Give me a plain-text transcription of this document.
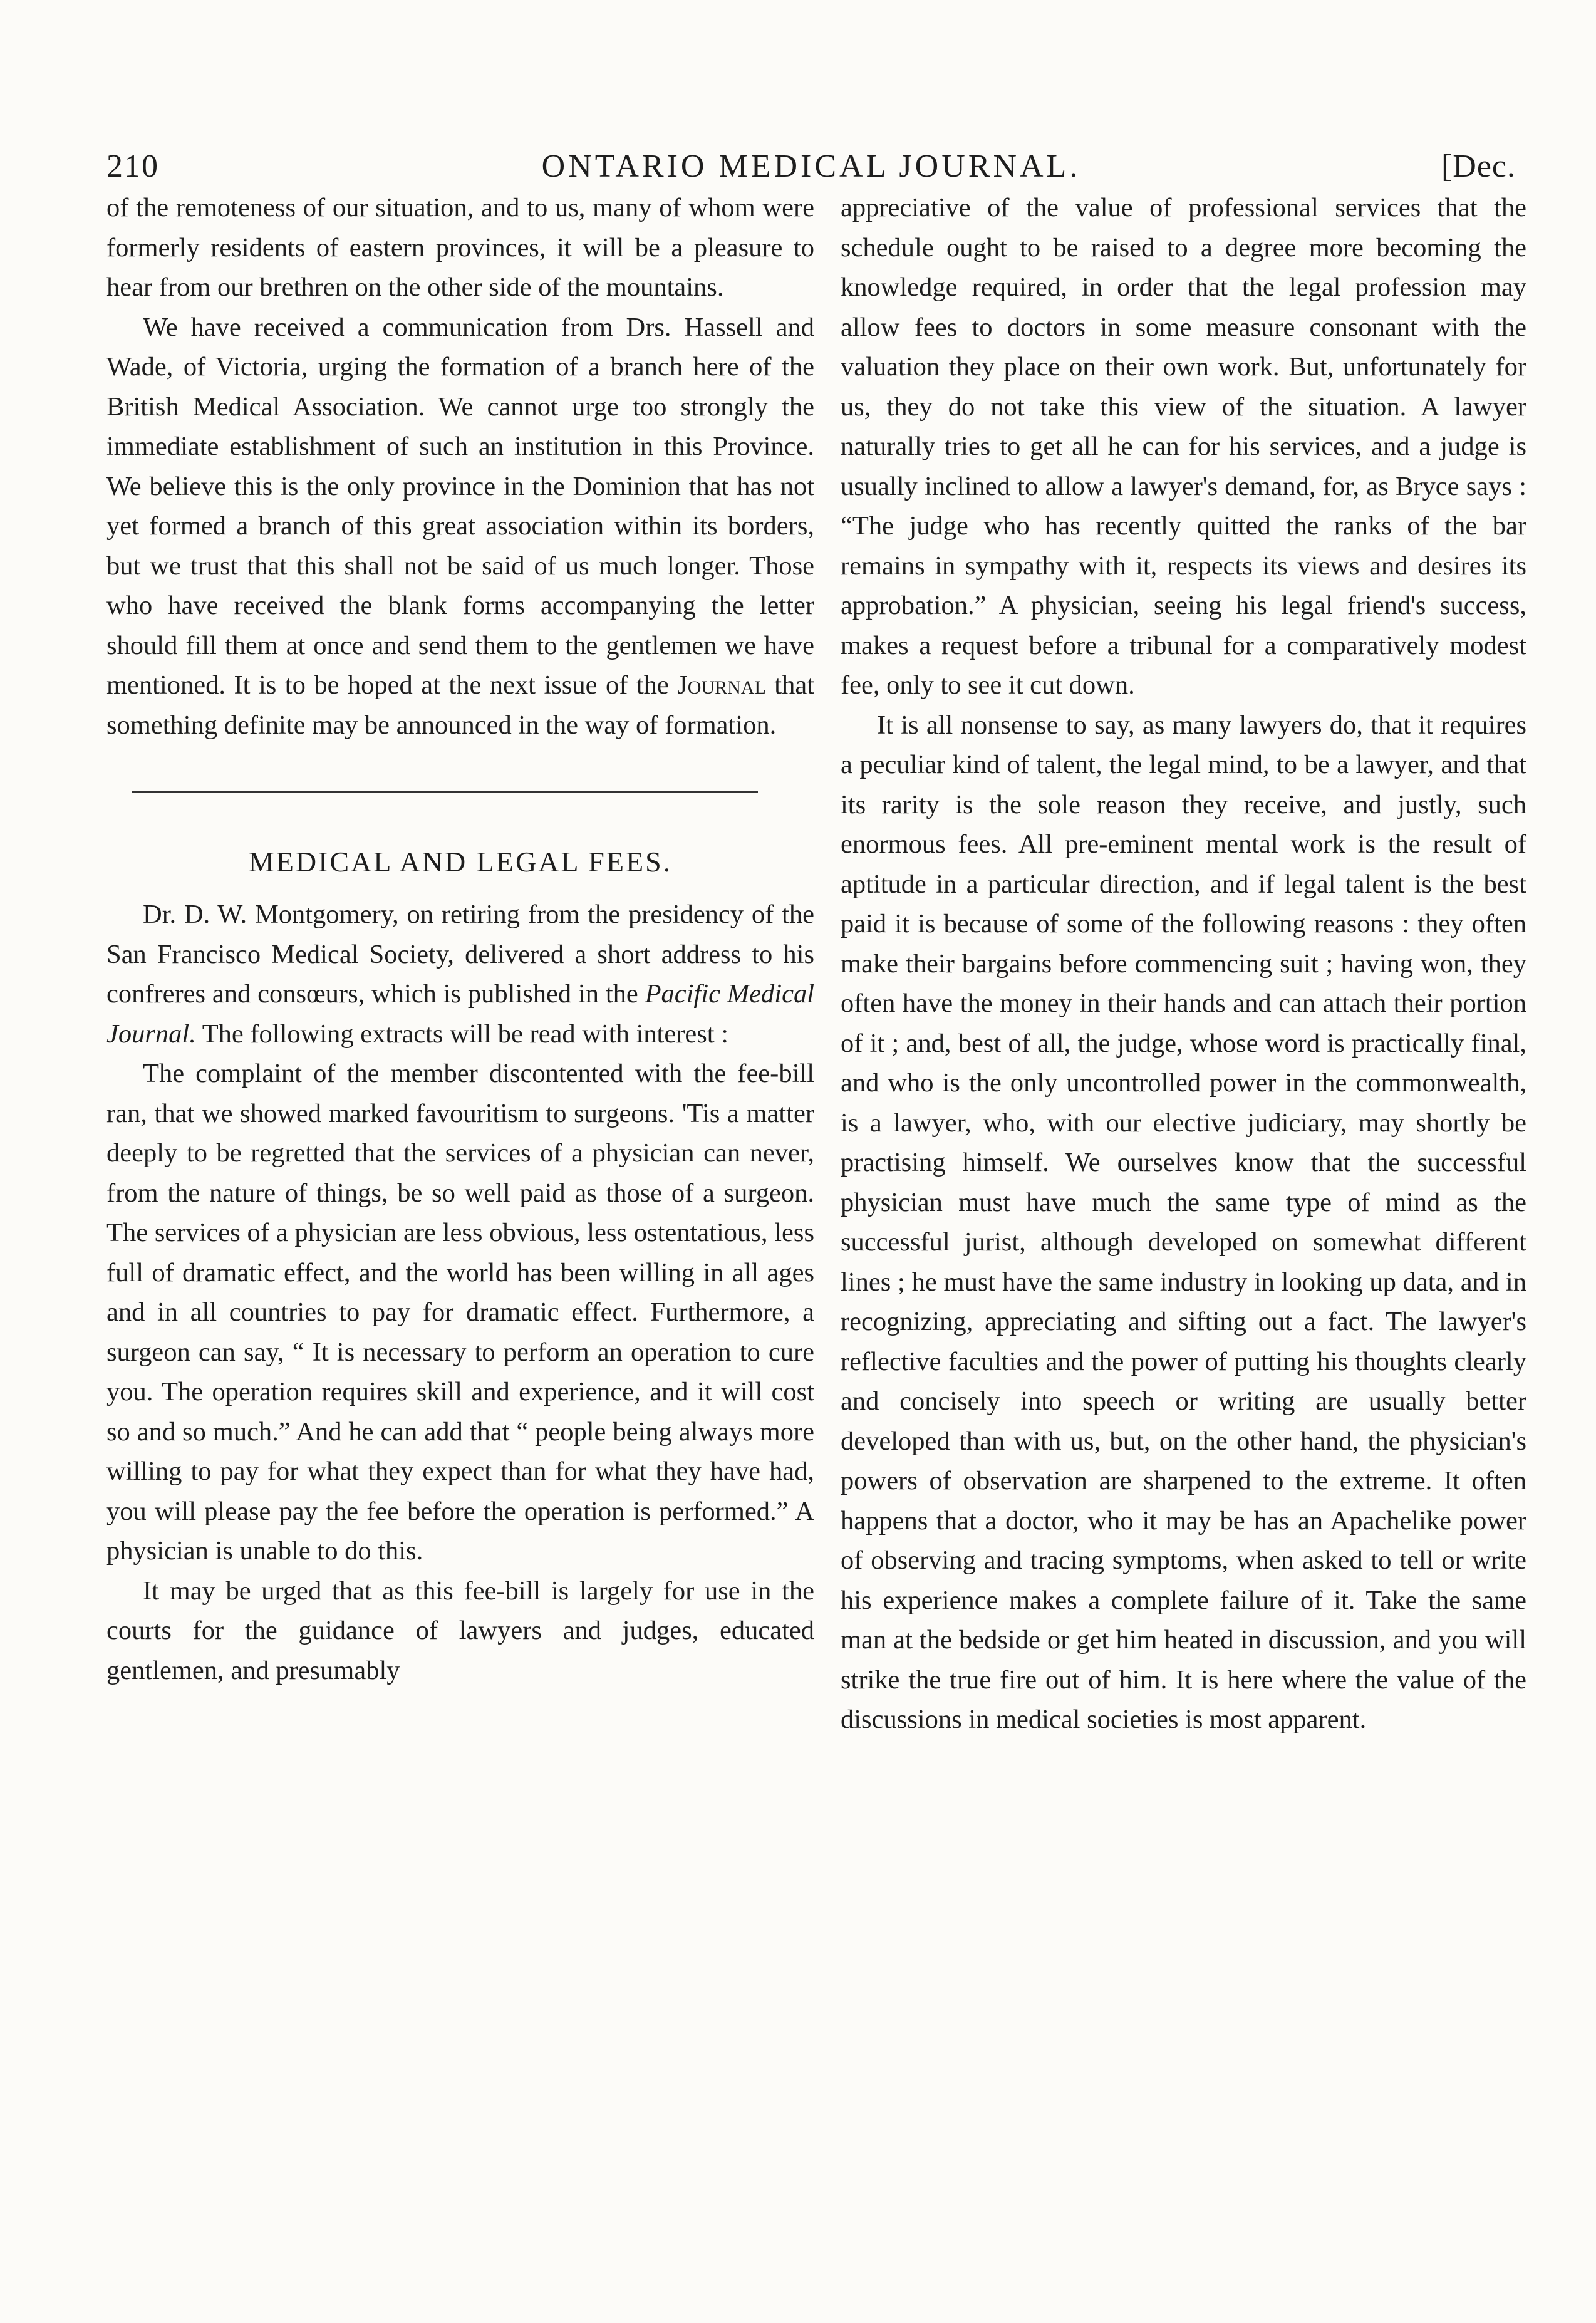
210	ONTARIO MEDICAL JOURNAL.	[Dec.

of the remoteness of our situation, and to us, many of whom were formerly residents of eastern provinces, it will be a pleasure to hear from our brethren on the other side of the mountains.

We have received a communication from Drs. Hassell and Wade, of Victoria, urging the formation of a branch here of the British Medical Association. We cannot urge too strongly the immediate establishment of such an institution in this Province. We believe this is the only province in the Dominion that has not yet formed a branch of this great association within its borders, but we trust that this shall not be said of us much longer. Those who have received the blank forms accompanying the letter should fill them at once and send them to the gentlemen we have mentioned. It is to be hoped at the next issue of the Journal that something definite may be announced in the way of formation.

MEDICAL AND LEGAL FEES.

Dr. D. W. Montgomery, on retiring from the presidency of the San Francisco Medical Society, delivered a short address to his confreres and consœurs, which is published in the Pacific Medical Journal. The following extracts will be read with interest :

The complaint of the member discontented with the fee-bill ran, that we showed marked favouritism to surgeons. 'Tis a matter deeply to be regretted that the services of a physician can never, from the nature of things, be so well paid as those of a surgeon. The services of a physician are less obvious, less ostentatious, less full of dramatic effect, and the world has been willing in all ages and in all countries to pay for dramatic effect. Furthermore, a surgeon can say, “ It is necessary to perform an operation to cure you. The operation requires skill and experience, and it will cost so and so much.” And he can add that “ people being always more willing to pay for what they expect than for what they have had, you will please pay the fee before the operation is performed.” A physician is unable to do this.

It may be urged that as this fee-bill is largely for use in the courts for the guidance of lawyers and judges, educated gentlemen, and presumably

appreciative of the value of professional services that the schedule ought to be raised to a degree more becoming the knowledge required, in order that the legal profession may allow fees to doctors in some measure consonant with the valuation they place on their own work. But, unfortunately for us, they do not take this view of the situation. A lawyer naturally tries to get all he can for his services, and a judge is usually inclined to allow a lawyer's demand, for, as Bryce says : “The judge who has recently quitted the ranks of the bar remains in sympathy with it, respects its views and desires its approbation.” A physician, seeing his legal friend's success, makes a request before a tribunal for a comparatively modest fee, only to see it cut down.

It is all nonsense to say, as many lawyers do, that it requires a peculiar kind of talent, the legal mind, to be a lawyer, and that its rarity is the sole reason they receive, and justly, such enormous fees. All pre-eminent mental work is the result of aptitude in a particular direction, and if legal talent is the best paid it is because of some of the following reasons : they often make their bargains before commencing suit ; having won, they often have the money in their hands and can attach their portion of it ; and, best of all, the judge, whose word is practically final, and who is the only uncontrolled power in the commonwealth, is a lawyer, who, with our elective judiciary, may shortly be practising himself. We ourselves know that the successful physician must have much the same type of mind as the successful jurist, although developed on somewhat different lines ; he must have the same industry in looking up data, and in recognizing, appreciating and sifting out a fact. The lawyer's reflective faculties and the power of putting his thoughts clearly and concisely into speech or writing are usually better developed than with us, but, on the other hand, the physician's powers of observation are sharpened to the extreme. It often happens that a doctor, who it may be has an Apachelike power of observing and tracing symptoms, when asked to tell or write his experience makes a complete failure of it. Take the same man at the bedside or get him heated in discussion, and you will strike the true fire out of him. It is here where the value of the discussions in medical societies is most apparent.
